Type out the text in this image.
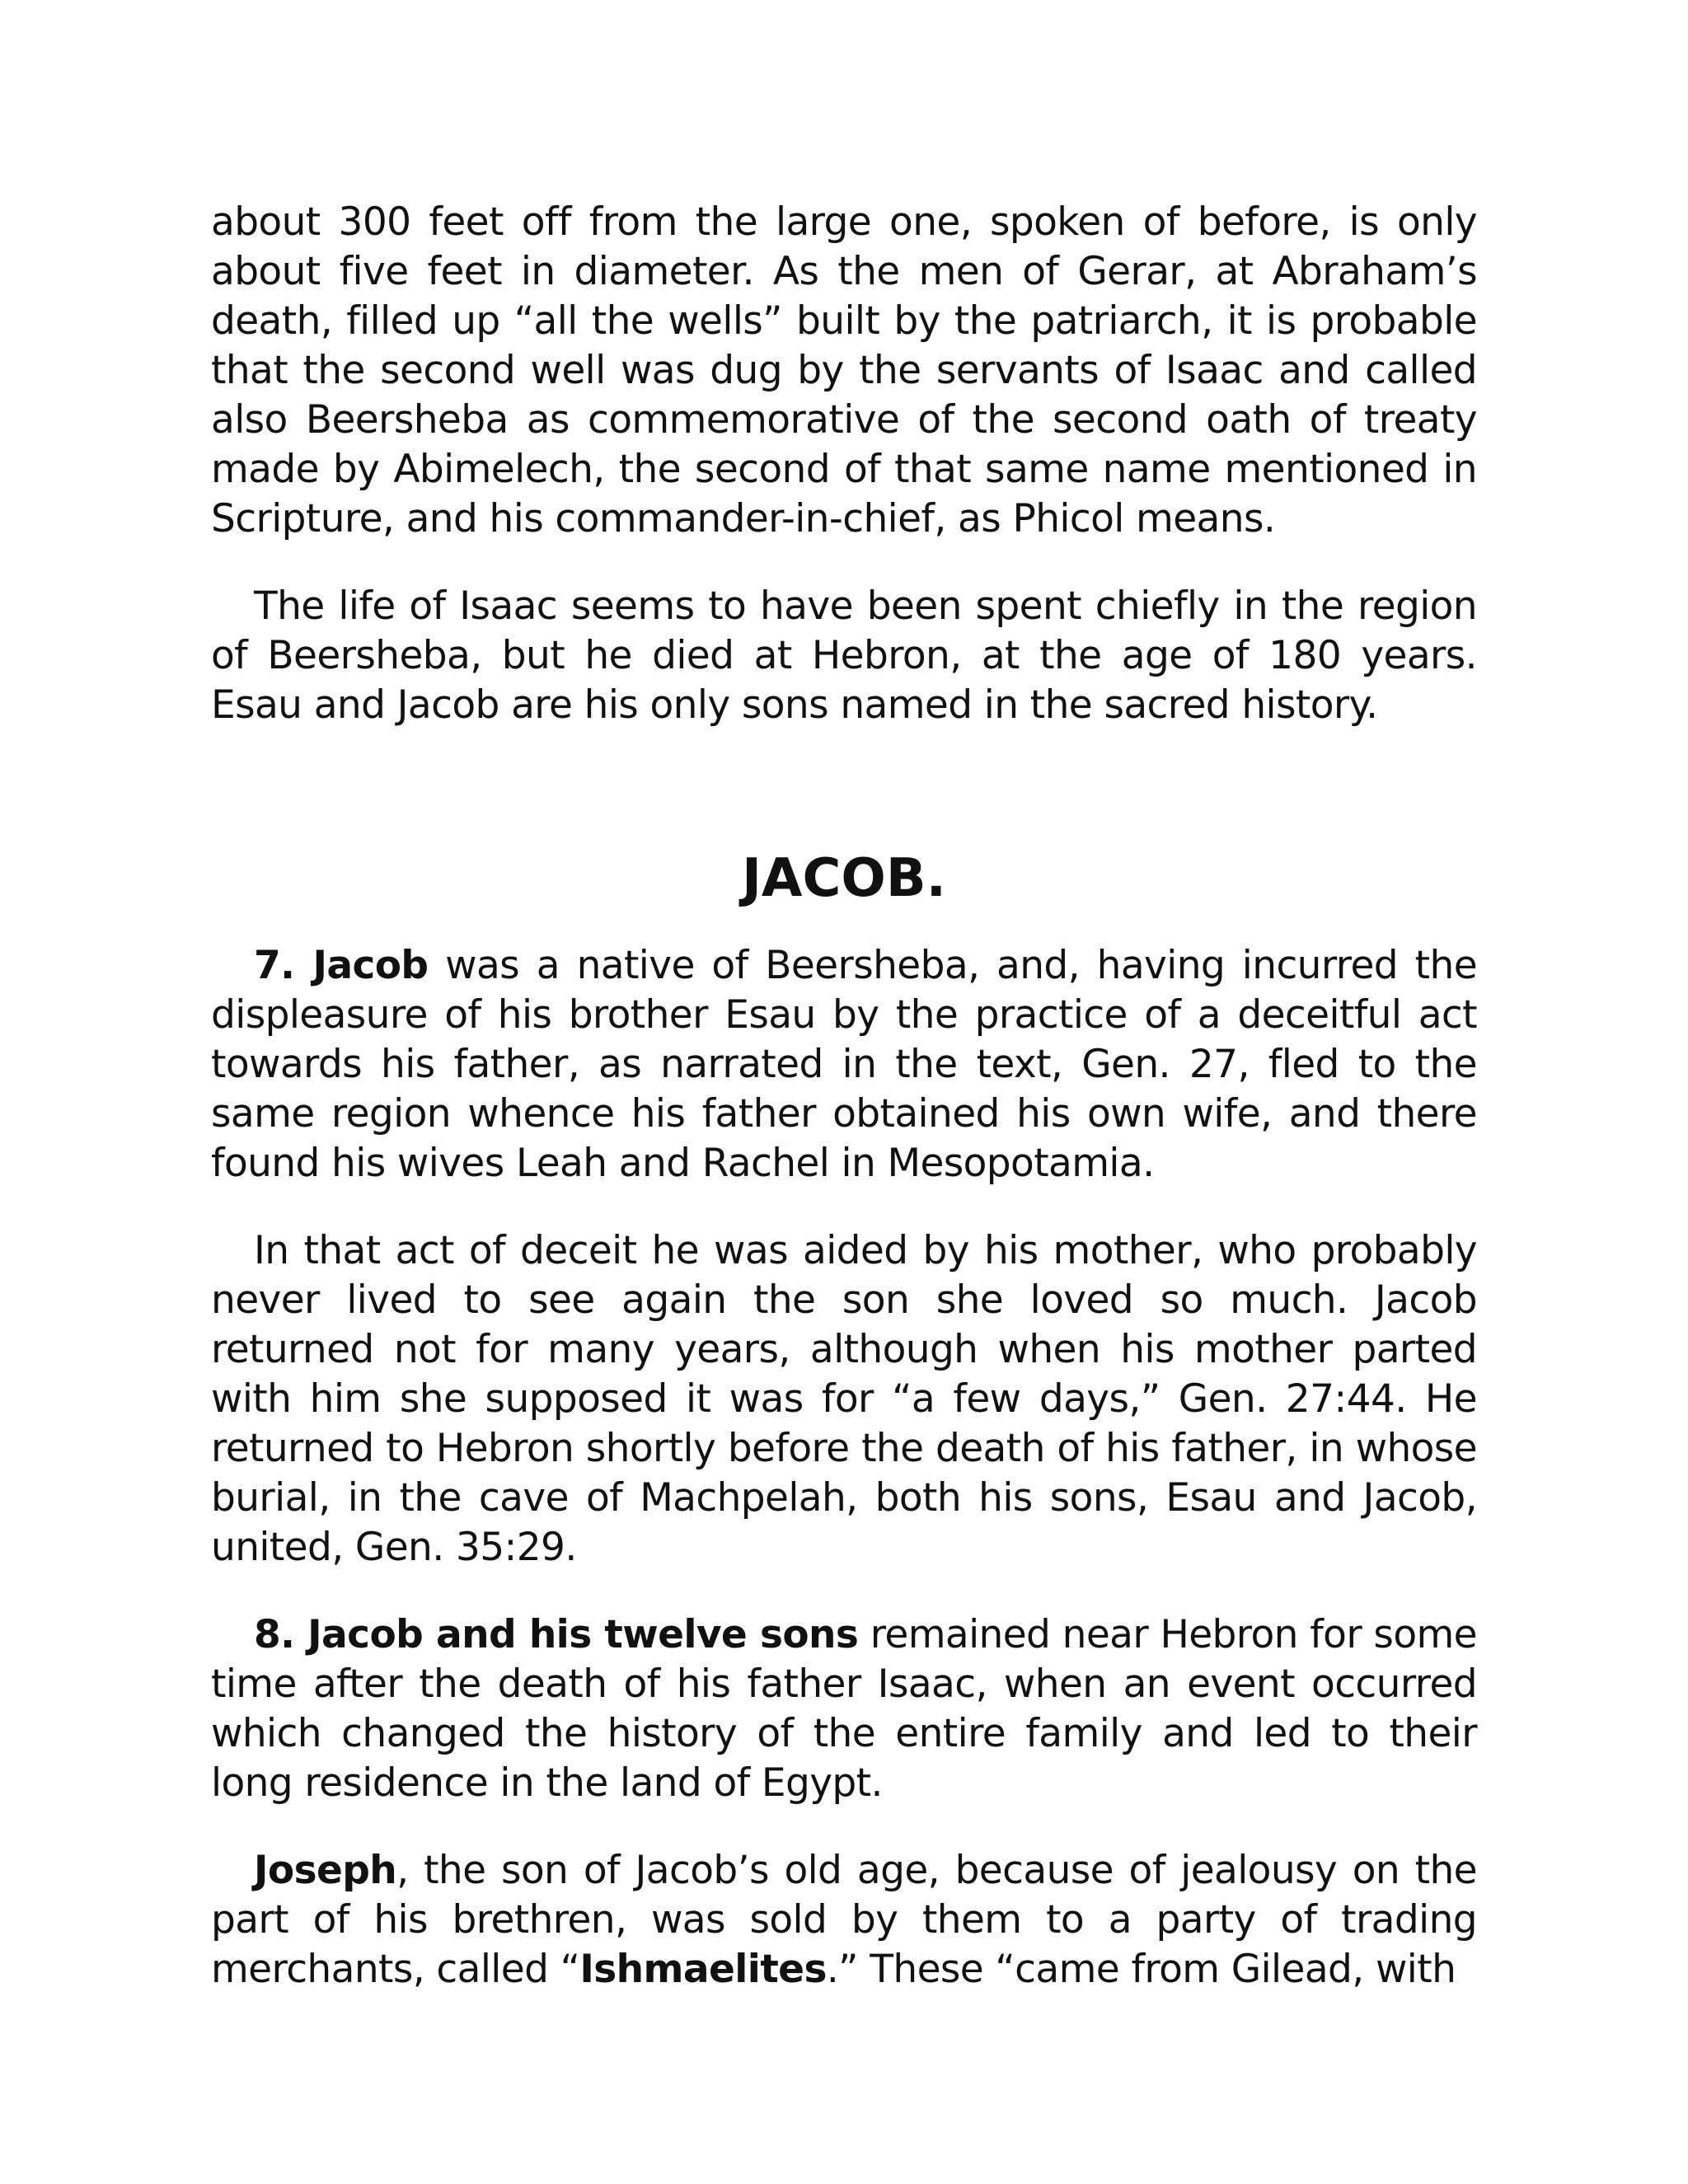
about 300 feet off from the large one, spoken of before, is only about five feet in diameter. As the men of Gerar, at Abraham’s death, filled up “all the wells” built by the patriarch, it is probable that the second well was dug by the servants of Isaac and called also Beersheba as commemorative of the second oath of treaty made by Abimelech, the second of that same name mentioned in Scripture, and his commander-in-chief, as Phicol means.

The life of Isaac seems to have been spent chiefly in the region of Beersheba, but he died at Hebron, at the age of 180 years. Esau and Jacob are his only sons named in the sacred history.

JACOB.

7. Jacob was a native of Beersheba, and, having incurred the displeasure of his brother Esau by the practice of a deceitful act towards his father, as narrated in the text, Gen. 27, fled to the same region whence his father obtained his own wife, and there found his wives Leah and Rachel in Mesopotamia.

In that act of deceit he was aided by his mother, who probably never lived to see again the son she loved so much. Jacob returned not for many years, although when his mother parted with him she supposed it was for “a few days,” Gen. 27:44. He returned to Hebron shortly before the death of his father, in whose burial, in the cave of Machpelah, both his sons, Esau and Jacob, united, Gen. 35:29.

8. Jacob and his twelve sons remained near Hebron for some time after the death of his father Isaac, when an event occurred which changed the history of the entire family and led to their long residence in the land of Egypt.

Joseph, the son of Jacob’s old age, because of jealousy on the part of his brethren, was sold by them to a party of trading merchants, called “Ishmaelites.” These “came from Gilead, with
